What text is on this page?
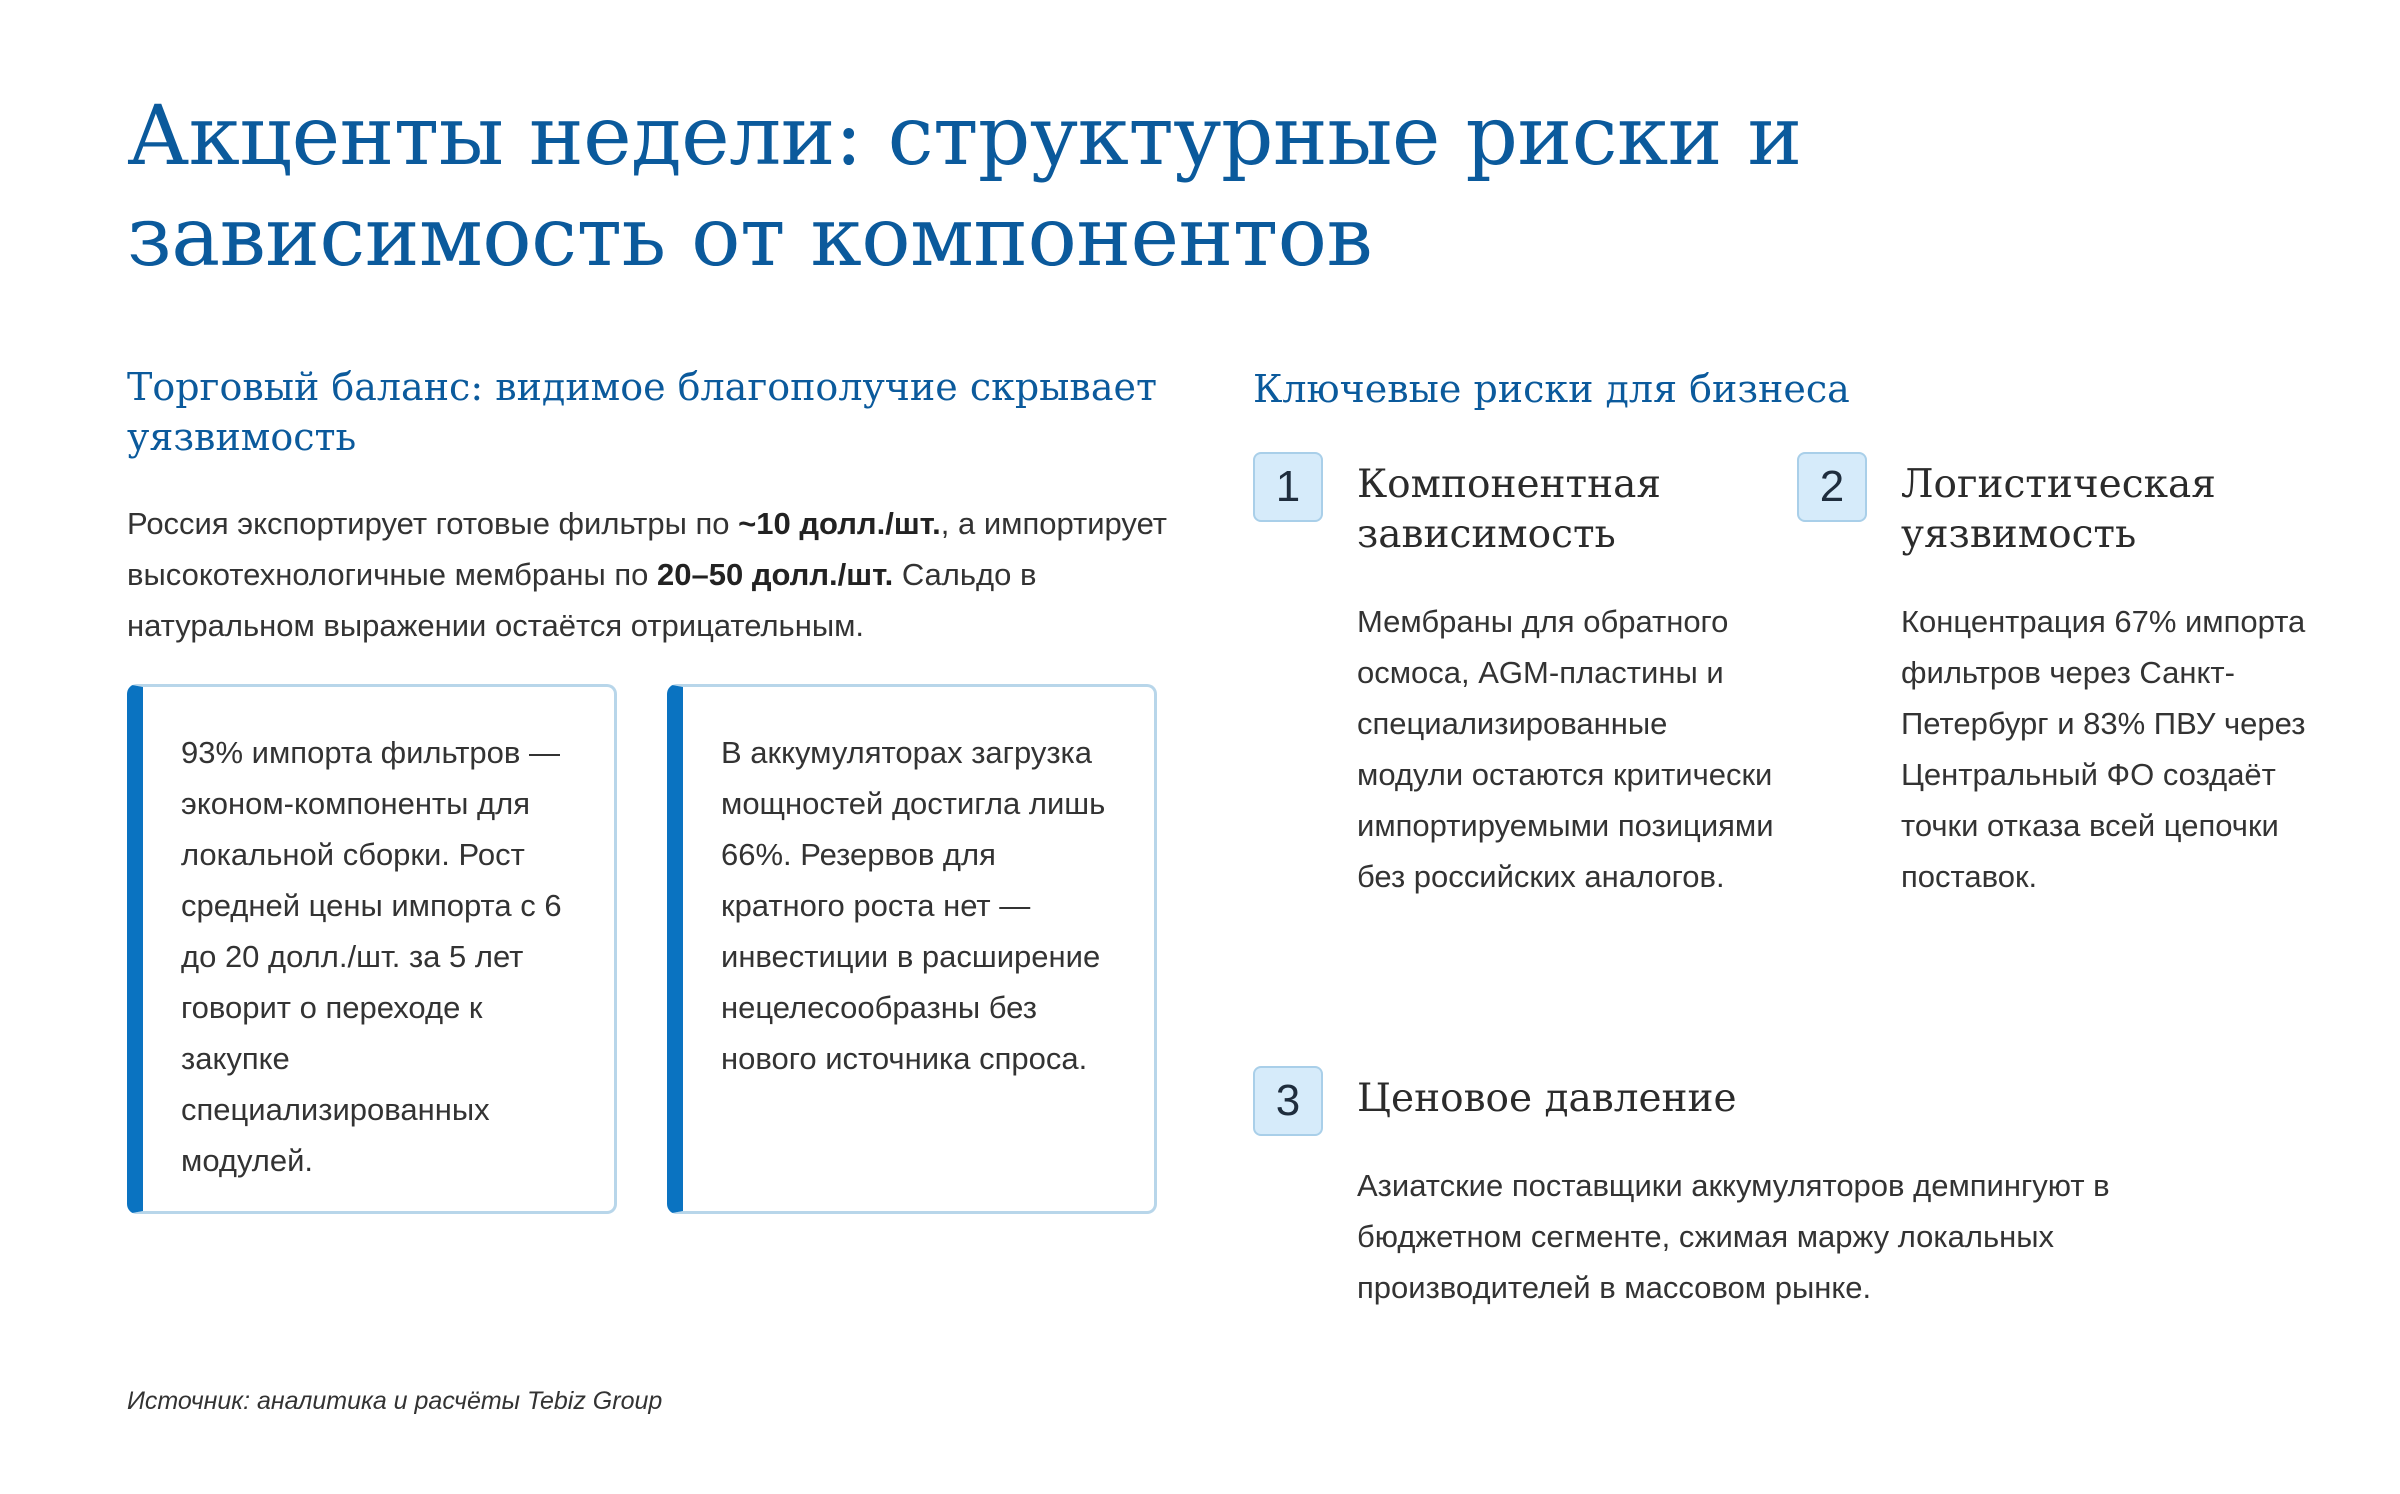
Акценты недели: структурные риски и зависимость от компонентов
Торговый баланс: видимое благополучие скрывает уязвимость

Россия экспортирует готовые фильтры по ~10 долл./шт., а импортирует высокотехнологичные мембраны по 20–50 долл./шт. Сальдо в натуральном выражении остаётся отрицательным.

93% импорта фильтров — эконом-компоненты для локальной сборки. Рост средней цены импорта с 6 до 20 долл./шт. за 5 лет говорит о переходе к закупке специализированных модулей.

В аккумуляторах загрузка мощностей достигла лишь 66%. Резервов для кратного роста нет — инвестиции в расширение нецелесообразны без нового источника спроса.

Ключевые риски для бизнеса
1	Компонентная зависимость

Мембраны для обратного осмоса, AGM-пластины и специализированные модули остаются критически импортируемыми позициями без российских аналогов.

2	Логистическая уязвимость

Концентрация 67% импорта фильтров через Санкт-Петербург и 83% ПВУ через Центральный ФО создаёт точки отказа всей цепочки поставок.

3	Ценовое давление

Азиатские поставщики аккумуляторов демпингуют в бюджетном сегменте, сжимая маржу локальных производителей в массовом рынке.

Источник: аналитика и расчёты Tebiz Group
